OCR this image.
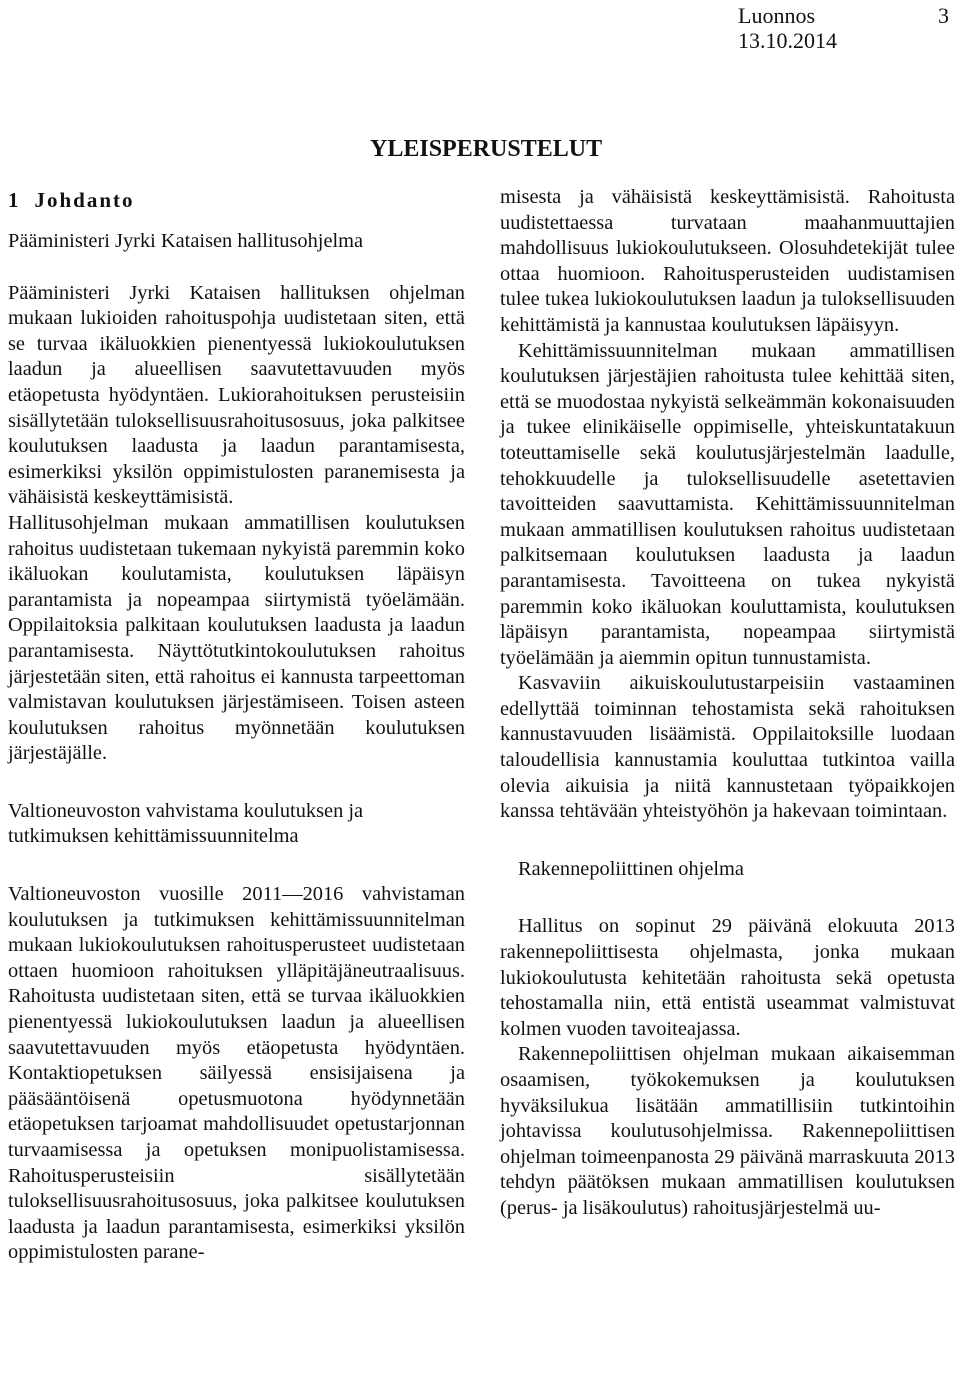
Luonnos
13.10.2014
3
YLEISPERUSTELUT
1 Johdanto

Pääministeri Jyrki Kataisen hallitusohjelma

Pääministeri Jyrki Kataisen hallituksen ohjelman mukaan lukioiden rahoituspohja uudistetaan siten, että se turvaa ikäluokkien pienentyessä lukiokoulutuksen laadun ja alueellisen saavutettavuuden myös etäopetusta hyödyntäen. Lukiorahoituksen perusteisiin sisällytetään tuloksellisuusrahoitusosuus, joka palkitsee koulutuksen laadusta ja laadun parantamisesta, esimerkiksi yksilön oppimistulosten paranemisesta ja vähäisistä keskeyttämisistä.

Hallitusohjelman mukaan ammatillisen koulutuksen rahoitus uudistetaan tukemaan nykyistä paremmin koko ikäluokan koulutamista, koulutuksen läpäisyn parantamista ja nopeampaa siirtymistä työelämään. Oppilaitoksia palkitaan koulutuksen laadusta ja laadun parantamisesta. Näyttötutkintokoulutuksen rahoitus järjestetään siten, että rahoitus ei kannusta tarpeettoman valmistavan koulutuksen järjestämiseen. Toisen asteen koulutuksen rahoitus myönnetään koulutuksen järjestäjälle.

Valtioneuvoston vahvistama koulutuksen ja tutkimuksen kehittämissuunnitelma

Valtioneuvoston vuosille 2011—2016 vahvistaman koulutuksen ja tutkimuksen kehittämissuunnitelman mukaan lukiokoulutuksen rahoitusperusteet uudistetaan ottaen huomioon rahoituksen ylläpitäjäneutraalisuus. Rahoitusta uudistetaan siten, että se turvaa ikäluokkien pienentyessä lukiokoulutuksen laadun ja alueellisen saavutettavuuden myös etäopetusta hyödyntäen. Kontaktiopetuksen säilyessä ensisijaisena ja pääsääntöisenä opetusmuotona hyödynnetään etäopetuksen tarjoamat mahdollisuudet opetustarjonnan turvaamisessa ja opetuksen monipuolistamisessa. Rahoitusperusteisiin sisällytetään tuloksellisuusrahoitusosuus, joka palkitsee koulutuksen laadusta ja laadun parantamisesta, esimerkiksi yksilön oppimistulosten parane-

misesta ja vähäisistä keskeyttämisistä. Rahoitusta uudistettaessa turvataan maahanmuuttajien mahdollisuus lukiokoulutukseen. Olosuhdetekijät tulee ottaa huomioon. Rahoitusperusteiden uudistamisen tulee tukea lukiokoulutuksen laadun ja tuloksellisuuden kehittämistä ja kannustaa koulutuksen läpäisyyn.

Kehittämissuunnitelman mukaan ammatillisen koulutuksen järjestäjien rahoitusta tulee kehittää siten, että se muodostaa nykyistä selkeämmän kokonaisuuden ja tukee elinikäiselle oppimiselle, yhteiskuntatakuun toteuttamiselle sekä koulutusjärjestelmän laadulle, tehokkuudelle ja tuloksellisuudelle asetettavien tavoitteiden saavuttamista. Kehittämissuunnitelman mukaan ammatillisen koulutuksen rahoitus uudistetaan palkitsemaan koulutuksen laadusta ja laadun parantamisesta. Tavoitteena on tukea nykyistä paremmin koko ikäluokan kouluttamista, koulutuksen läpäisyn parantamista, nopeampaa siirtymistä työelämään ja aiemmin opitun tunnustamista.

Kasvaviin aikuiskoulutustarpeisiin vastaaminen edellyttää toiminnan tehostamista sekä rahoituksen kannustavuuden lisäämistä. Oppilaitoksille luodaan taloudellisia kannustamia kouluttaa tutkintoa vailla olevia aikuisia ja niitä kannustetaan työpaikkojen kanssa tehtävään yhteistyöhön ja hakevaan toimintaan.

Rakennepoliittinen ohjelma

Hallitus on sopinut 29 päivänä elokuuta 2013 rakennepoliittisesta ohjelmasta, jonka mukaan lukiokoulutusta kehitetään rahoitusta sekä opetusta tehostamalla niin, että entistä useammat valmistuvat kolmen vuoden tavoiteajassa.

Rakennepoliittisen ohjelman mukaan aikaisemman osaamisen, työkokemuksen ja koulutuksen hyväksilukua lisätään ammatillisiin tutkintoihin johtavissa koulutusohjelmissa. Rakennepoliittisen ohjelman toimeenpanosta 29 päivänä marraskuuta 2013 tehdyn päätöksen mukaan ammatillisen koulutuksen (perus- ja lisäkoulutus) rahoitusjärjestelmä uu-
